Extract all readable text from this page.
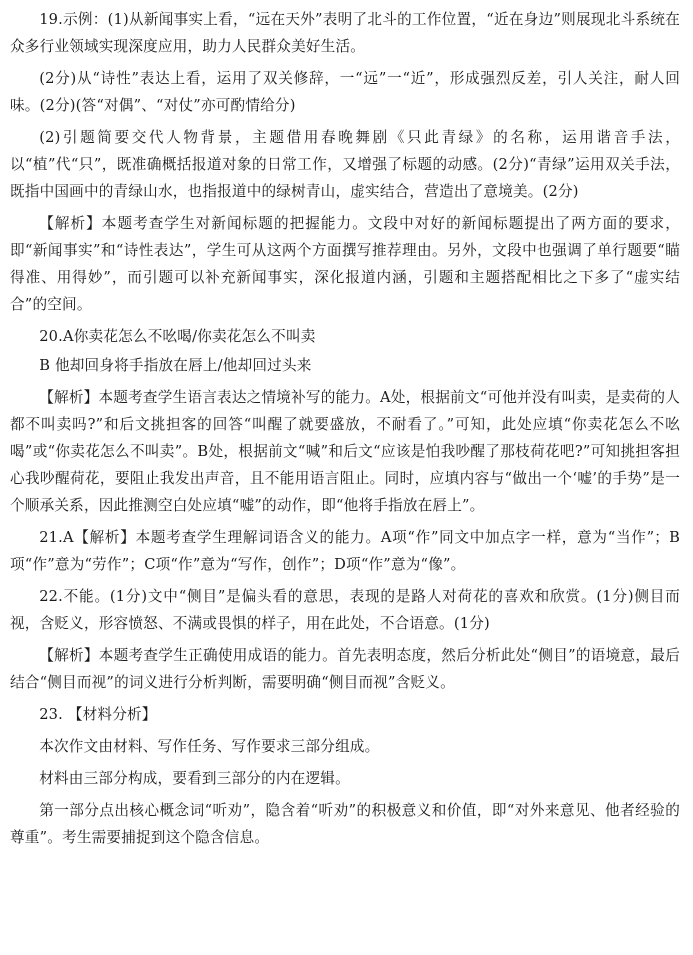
19.示例：(1)从新闻事实上看，“远在天外”表明了北斗的工作位置，“近在身边”则展现北斗系统在众多行业领域实现深度应用，助力人民群众美好生活。

(2分)从“诗性”表达上看，运用了双关修辞，一“远”一“近”，形成强烈反差，引人关注，耐人回味。(2分)(答“对偶”、“对仗”亦可酌情给分)

(2)引题简要交代人物背景，主题借用春晚舞剧《只此青绿》的名称，运用谐音手法，以“植”代“只”，既准确概括报道对象的日常工作，又增强了标题的动感。(2分)“青绿”运用双关手法，既指中国画中的青绿山水，也指报道中的绿树青山，虚实结合，营造出了意境美。(2分)

【解析】本题考查学生对新闻标题的把握能力。文段中对好的新闻标题提出了两方面的要求，即“新闻事实”和“诗性表达”，学生可从这两个方面撰写推荐理由。另外，文段中也强调了单行题要“瞄得准、用得妙”，而引题可以补充新闻事实，深化报道内涵，引题和主题搭配相比之下多了“虚实结合”的空间。

20.A你卖花怎么不吆喝/你卖花怎么不叫卖

B 他却回身将手指放在唇上/他却回过头来

【解析】本题考查学生语言表达之情境补写的能力。A处，根据前文“可他并没有叫卖，是卖荷的人都不叫卖吗?”和后文挑担客的回答“叫醒了就要盛放，不耐看了。”可知，此处应填“你卖花怎么不吆喝”或“你卖花怎么不叫卖”。B处，根据前文“喊”和后文“应该是怕我吵醒了那枝荷花吧?”可知挑担客担心我吵醒荷花，要阻止我发出声音，且不能用语言阻止。同时，应填内容与“做出一个‘嘘’的手势”是一个顺承关系，因此推测空白处应填“嘘”的动作，即“他将手指放在唇上”。

21.A【解析】本题考查学生理解词语含义的能力。A项“作”同文中加点字一样，意为“当作”；B项“作”意为“劳作”；C项“作”意为“写作，创作”；D项“作”意为“像”。

22.不能。(1分)文中“侧目”是偏头看的意思，表现的是路人对荷花的喜欢和欣赏。(1分)侧目而视，含贬义，形容愤怒、不满或畏惧的样子，用在此处，不合语意。(1分)

【解析】本题考查学生正确使用成语的能力。首先表明态度，然后分析此处“侧目”的语境意，最后结合“侧目而视”的词义进行分析判断，需要明确“侧目而视”含贬义。

23. 【材料分析】

本次作文由材料、写作任务、写作要求三部分组成。

材料由三部分构成，要看到三部分的内在逻辑。

第一部分点出核心概念词“听劝”，隐含着“听劝”的积极意义和价值，即“对外来意见、他者经验的尊重”。考生需要捕捉到这个隐含信息。
